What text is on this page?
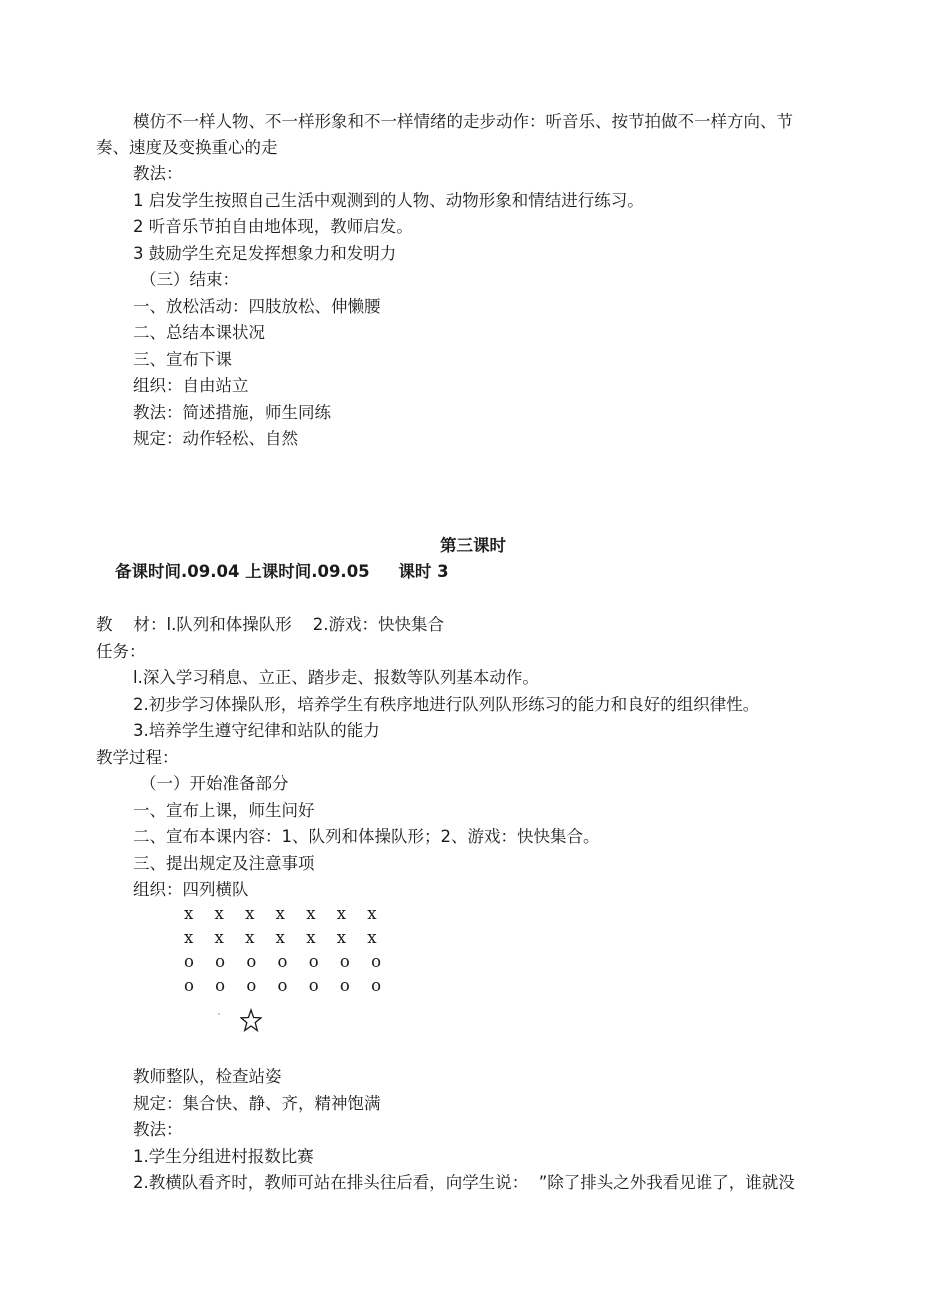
模仿不一样人物、不一样形象和不一样情绪的走步动作：听音乐、按节拍做不一样方向、节
奏、速度及变换重心的走
教法：
1 启发学生按照自己生活中观测到的人物、动物形象和情结进行练习。
2 听音乐节拍自由地体现，教师启发。
3 鼓励学生充足发挥想象力和发明力
（三）结束：
一、放松活动：四肢放松、伸懒腰
二、总结本课状况
三、宣布下课
组织：自由站立
教法：简述措施，师生同练
规定：动作轻松、自然
第三课时
备课时间.09.04 上课时间.09.05     课时 3
教    材：l.队列和体操队形    2.游戏：快快集合
任务：
l.深入学习稍息、立正、踏步走、报数等队列基本动作。
2.初步学习体操队形，培养学生有秩序地进行队列队形练习的能力和良好的组织律性。
3.培养学生遵守纪律和站队的能力
教学过程：
（一）开始准备部分
一、宣布上课，师生问好
二、宣布本课内容：1、队列和体操队形；2、游戏：快快集合。
三、提出规定及注意事项
组织：四列横队
x x x x x x x
x x x x x x x
o o o o o o o
o o o o o o o
教师整队，检查站姿
规定：集合快、静、齐，精神饱满
教法：
1.学生分组进村报数比赛
2.教横队看齐时，教师可站在排头往后看，向学生说：  ”除了排头之外我看见谁了，谁就没
